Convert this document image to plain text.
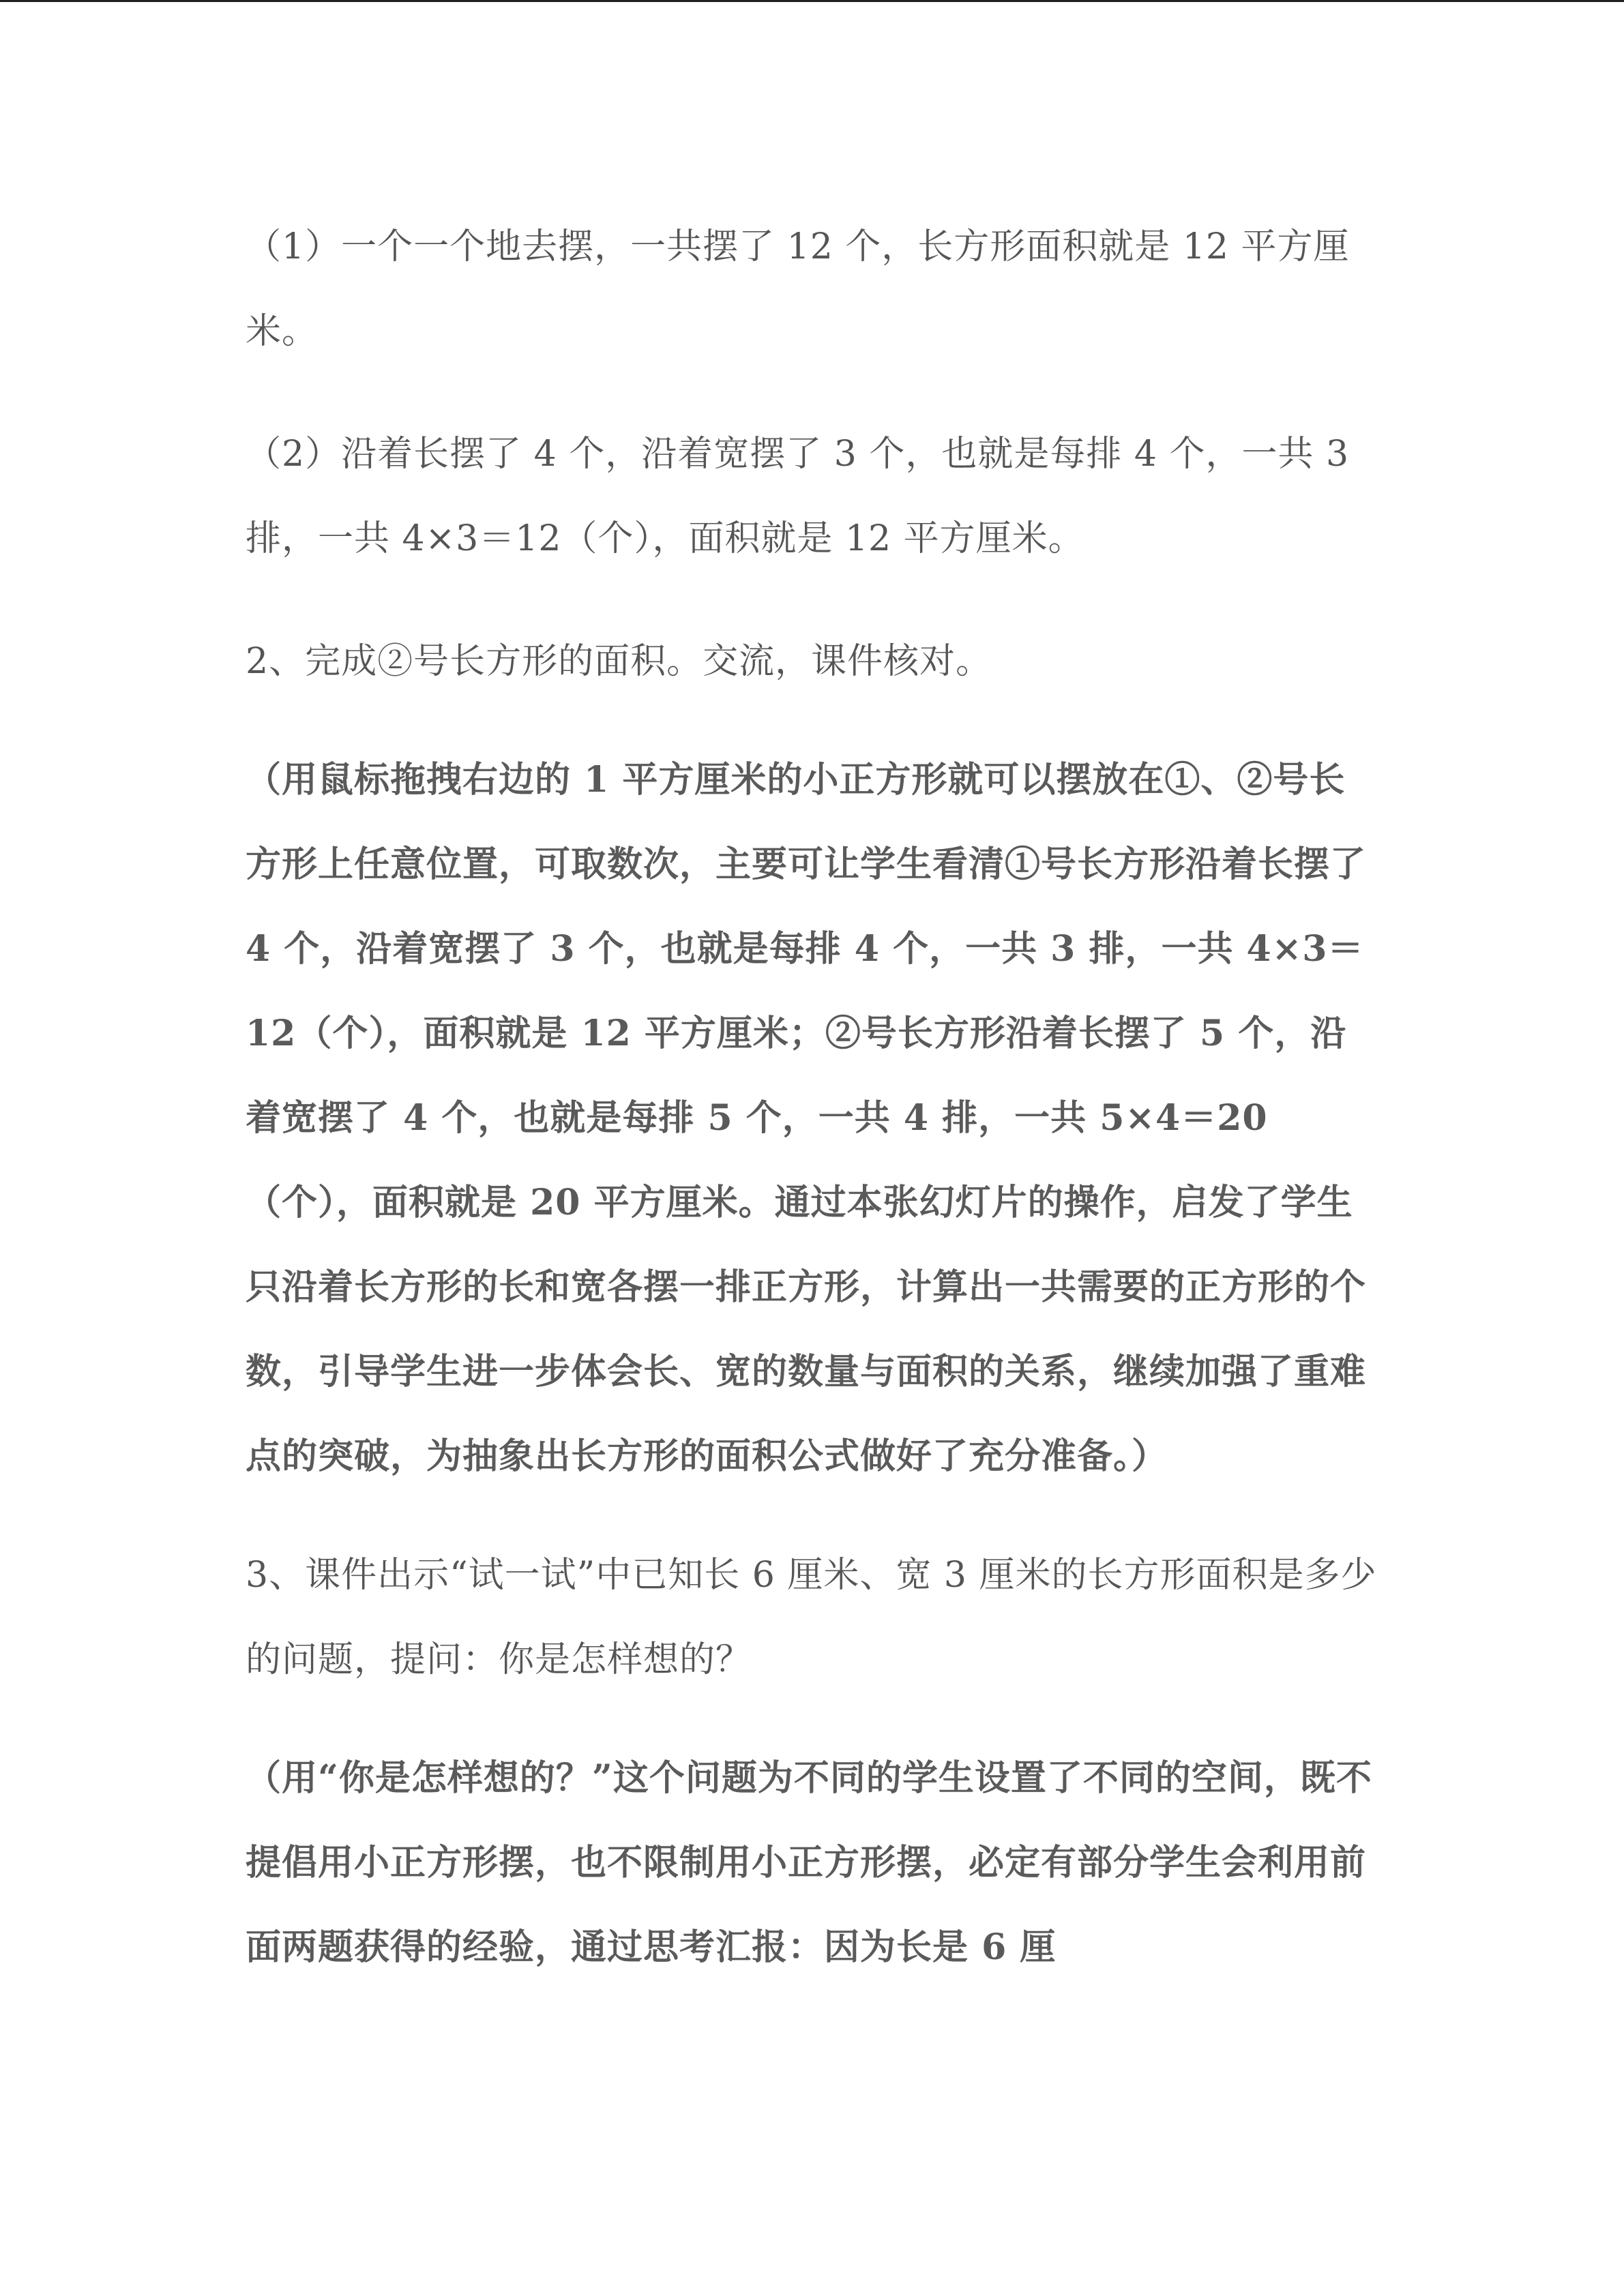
（1）一个一个地去摆，一共摆了 12 个，长方形面积就是 12 平方厘米。

（2）沿着长摆了 4 个，沿着宽摆了 3 个，也就是每排 4 个，一共 3 排，一共 4×3＝12（个），面积就是 12 平方厘米。

2、完成②号长方形的面积。交流，课件核对。

（用鼠标拖拽右边的 1 平方厘米的小正方形就可以摆放在①、②号长方形上任意位置，可取数次，主要可让学生看清①号长方形沿着长摆了 4 个，沿着宽摆了 3 个，也就是每排 4 个，一共 3 排，一共 4×3＝12（个），面积就是 12 平方厘米；②号长方形沿着长摆了 5 个，沿着宽摆了 4 个，也就是每排 5 个，一共 4 排，一共 5×4＝20（个），面积就是 20 平方厘米。通过本张幻灯片的操作，启发了学生只沿着长方形的长和宽各摆一排正方形，计算出一共需要的正方形的个数，引导学生进一步体会长、宽的数量与面积的关系，继续加强了重难点的突破，为抽象出长方形的面积公式做好了充分准备。）

3、课件出示“试一试”中已知长 6 厘米、宽 3 厘米的长方形面积是多少的问题，提问：你是怎样想的？

（用“你是怎样想的？”这个问题为不同的学生设置了不同的空间，既不提倡用小正方形摆，也不限制用小正方形摆，必定有部分学生会利用前面两题获得的经验，通过思考汇报：因为长是 6 厘
